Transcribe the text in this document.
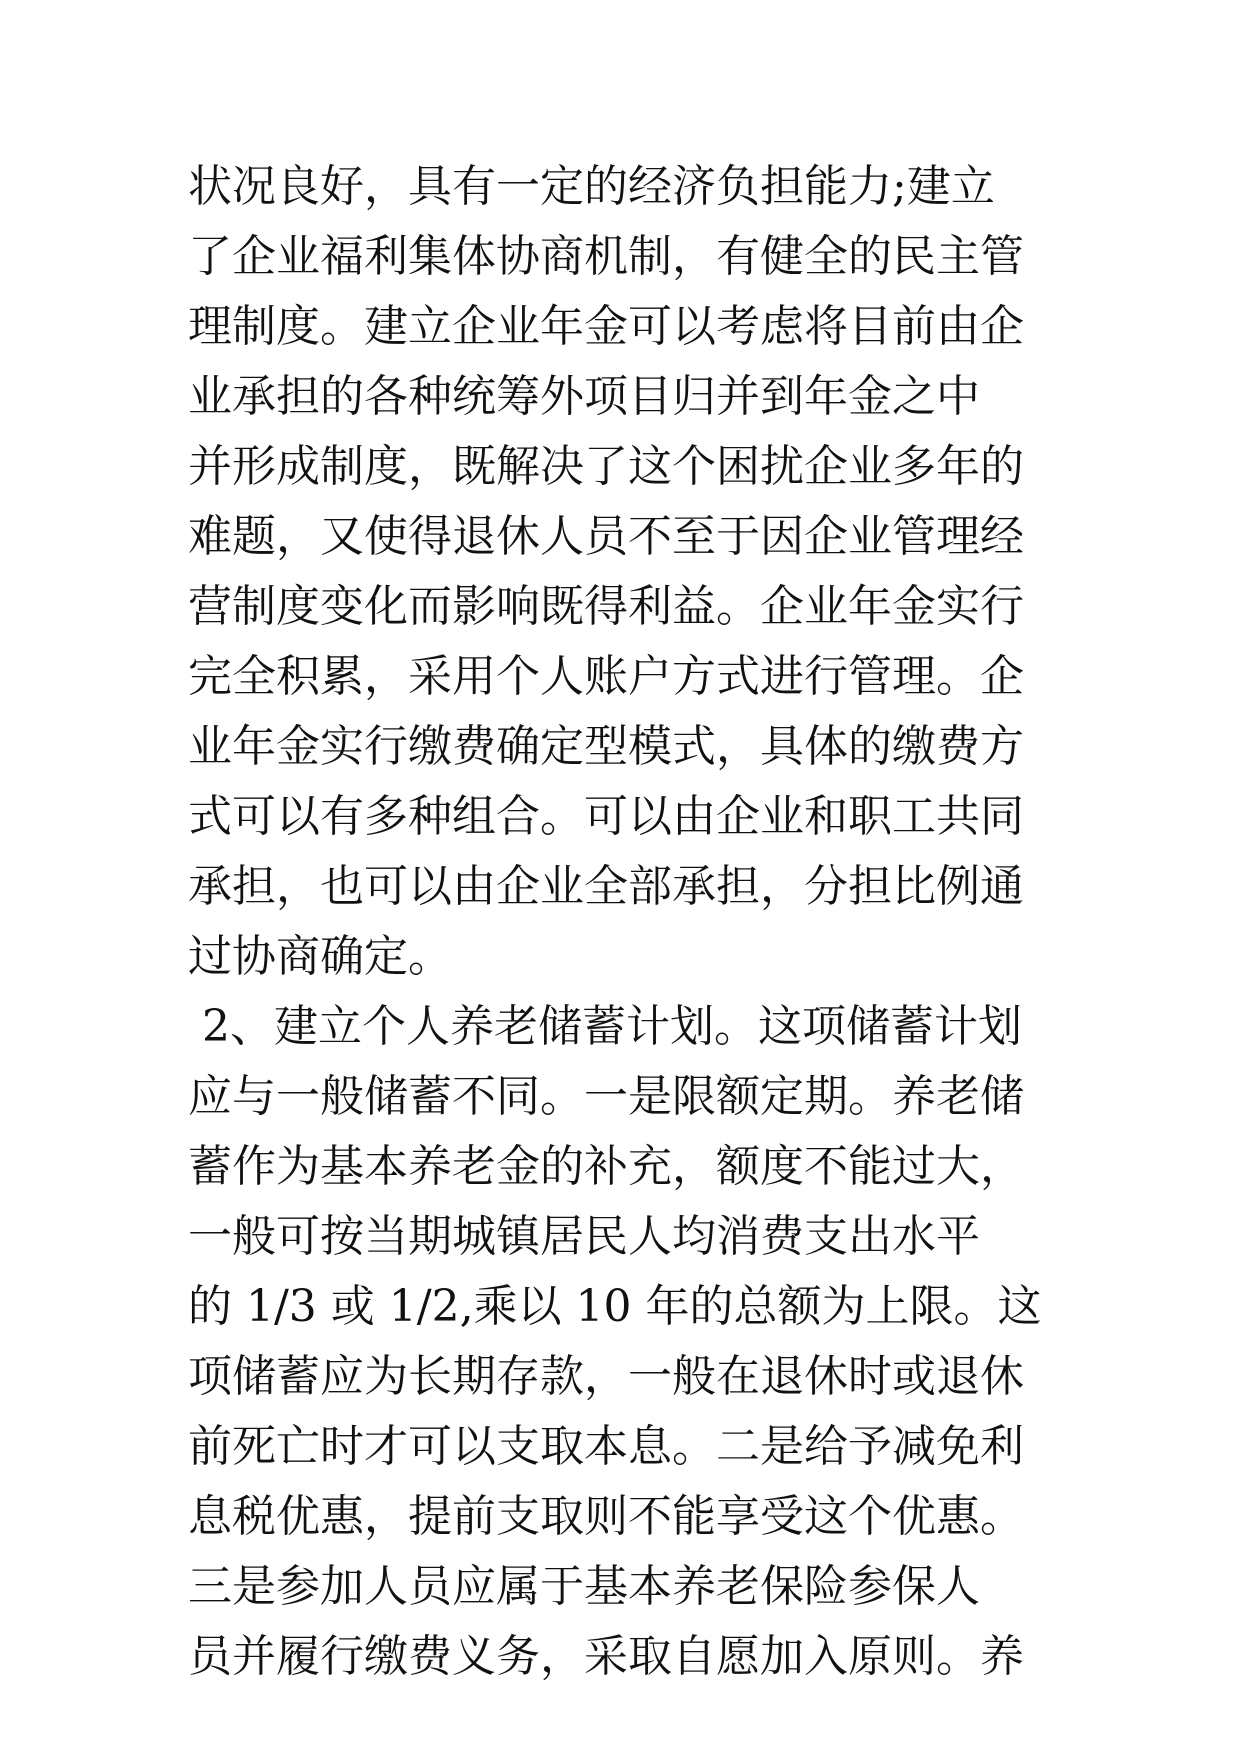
状况良好，具有一定的经济负担能力;建立
了企业福利集体协商机制，有健全的民主管
理制度。建立企业年金可以考虑将目前由企
业承担的各种统筹外项目归并到年金之中
并形成制度，既解决了这个困扰企业多年的
难题，又使得退休人员不至于因企业管理经
营制度变化而影响既得利益。企业年金实行
完全积累，采用个人账户方式进行管理。企
业年金实行缴费确定型模式，具体的缴费方
式可以有多种组合。可以由企业和职工共同
承担，也可以由企业全部承担，分担比例通
过协商确定。
2、建立个人养老储蓄计划。这项储蓄计划
应与一般储蓄不同。一是限额定期。养老储
蓄作为基本养老金的补充，额度不能过大，
一般可按当期城镇居民人均消费支出水平
的 1/3 或 1/2,乘以 10 年的总额为上限。这
项储蓄应为长期存款，一般在退休时或退休
前死亡时才可以支取本息。二是给予减免利
息税优惠，提前支取则不能享受这个优惠。
三是参加人员应属于基本养老保险参保人
员并履行缴费义务，采取自愿加入原则。养
